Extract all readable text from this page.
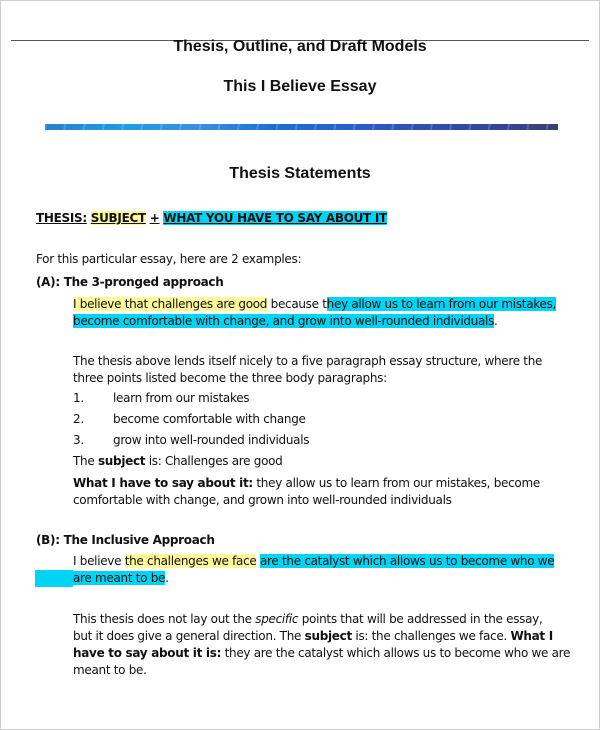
Thesis, Outline, and Draft Models
This I Believe Essay
Thesis Statements
THESIS: SUBJECT + WHAT YOU HAVE TO SAY ABOUT IT
For this particular essay, here are 2 examples:
(A): The 3-pronged approach
I believe that challenges are good because they allow us to learn from our mistakes,
become comfortable with change, and grow into well-rounded individuals.
The thesis above lends itself nicely to a five paragraph essay structure, where the
three points listed become the three body paragraphs:
1. learn from our mistakes
2. become comfortable with change
3. grow into well-rounded individuals
The subject is: Challenges are good
What I have to say about it: they allow us to learn from our mistakes, become
comfortable with change, and grown into well-rounded individuals
(B): The Inclusive Approach
I believe the challenges we face are the catalyst which allows us to become who we
are meant to be.
This thesis does not lay out the specific points that will be addressed in the essay,
but it does give a general direction. The subject is: the challenges we face. What I
have to say about it is: they are the catalyst which allows us to become who we are
meant to be.
